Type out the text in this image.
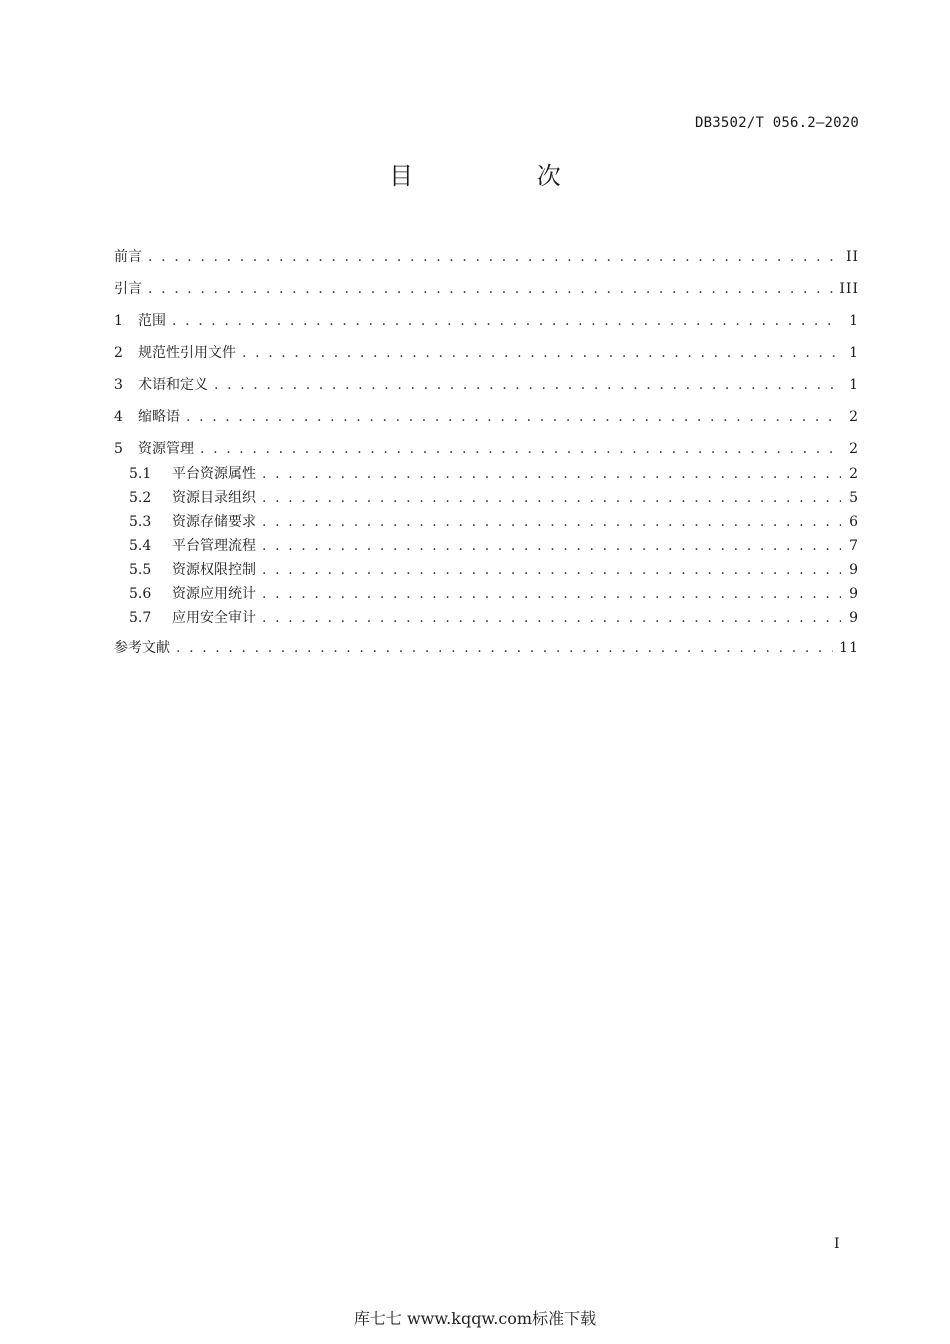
DB3502/T 056.2—2020
目 次
前言 . . .	II
引言 . . .	III
1	范围 . . .	1
2	规范性引用文件 . . .	1
3	术语和定义 . . .	1
4	缩略语 . . .	2
5	资源管理 . . .	2
5.1	平台资源属性 . . .	2
5.2	资源目录组织 . . .	5
5.3	资源存储要求 . . .	6
5.4	平台管理流程 . . .	7
5.5	资源权限控制 . . .	9
5.6	资源应用统计 . . .	9
5.7	应用安全审计 . . .	9
参考文献 . . .	11
I
库七七 www.kqqw.com标准下载
